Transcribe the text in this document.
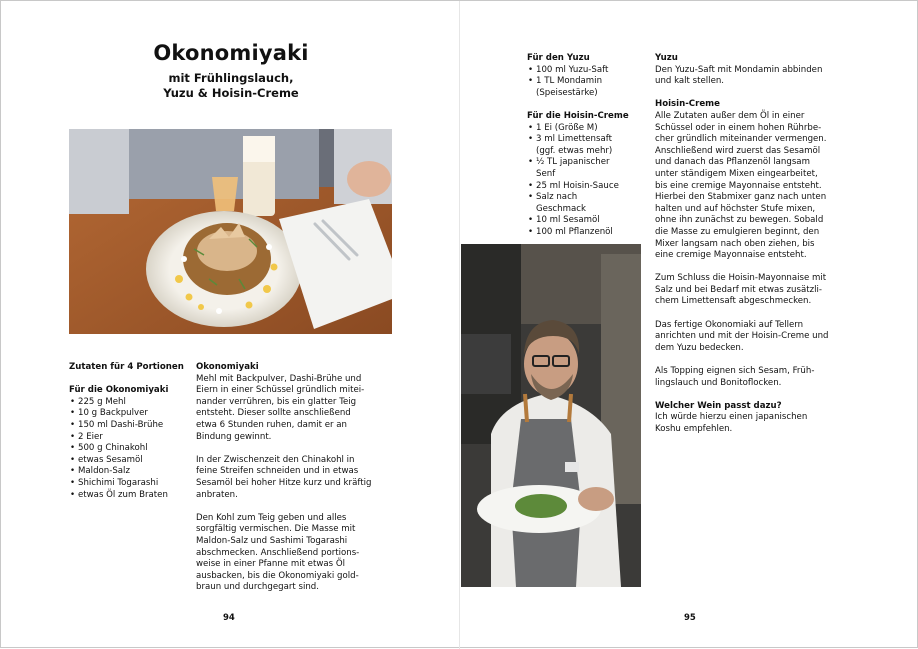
Okonomiyaki
mit Frühlingslauch,
Yuzu & Hoisin-Creme
Zutaten für 4 Portionen
Für die Okonomiyaki
• 225 g Mehl
• 10 g Backpulver
• 150 ml Dashi-Brühe
• 2 Eier
• 500 g Chinakohl
• etwas Sesamöl
• Maldon-Salz
• Shichimi Togarashi
• etwas Öl zum Braten
Okonomiyaki

Mehl mit Backpulver, Dashi-Brühe und
Eiern in einer Schüssel gründlich mitei-
nander verrühren, bis ein glatter Teig
entsteht. Dieser sollte anschließend
etwa 6 Stunden ruhen, damit er an
Bindung gewinnt.

In der Zwischenzeit den Chinakohl in
feine Streifen schneiden und in etwas
Sesamöl bei hoher Hitze kurz und kräftig
anbraten.

Den Kohl zum Teig geben und alles
sorgfältig vermischen. Die Masse mit
Maldon-Salz und Sashimi Togarashi
abschmecken. Anschließend portions-
weise in einer Pfanne mit etwas Öl
ausbacken, bis die Okonomiyaki gold-
braun und durchgegart sind.

94
Für den Yuzu
• 100 ml Yuzu-Saft
• 1 TL Mondamin
(Speisestärke)
Für die Hoisin-Creme
• 1 Ei (Größe M)
• 3 ml Limettensaft
(ggf. etwas mehr)
• ½ TL japanischer
Senf
• 25 ml Hoisin-Sauce
• Salz nach
Geschmack
• 10 ml Sesamöl
• 100 ml Pflanzenöl
Yuzu

Den Yuzu-Saft mit Mondamin abbinden
und kalt stellen.

Hoisin-Creme

Alle Zutaten außer dem Öl in einer
Schüssel oder in einem hohen Rührbe-
cher gründlich miteinander vermengen.
Anschließend wird zuerst das Sesamöl
und danach das Pflanzenöl langsam
unter ständigem Mixen eingearbeitet,
bis eine cremige Mayonnaise entsteht.
Hierbei den Stabmixer ganz nach unten
halten und auf höchster Stufe mixen,
ohne ihn zunächst zu bewegen. Sobald
die Masse zu emulgieren beginnt, den
Mixer langsam nach oben ziehen, bis
eine cremige Mayonnaise entsteht.

Zum Schluss die Hoisin-Mayonnaise mit
Salz und bei Bedarf mit etwas zusätzli-
chem Limettensaft abgeschmecken.

Das fertige Okonomiaki auf Tellern
anrichten und mit der Hoisin-Creme und
dem Yuzu bedecken.

Als Topping eignen sich Sesam, Früh-
lingslauch und Bonitoflocken.

Welcher Wein passt dazu?

Ich würde hierzu einen japanischen
Koshu empfehlen.

95
